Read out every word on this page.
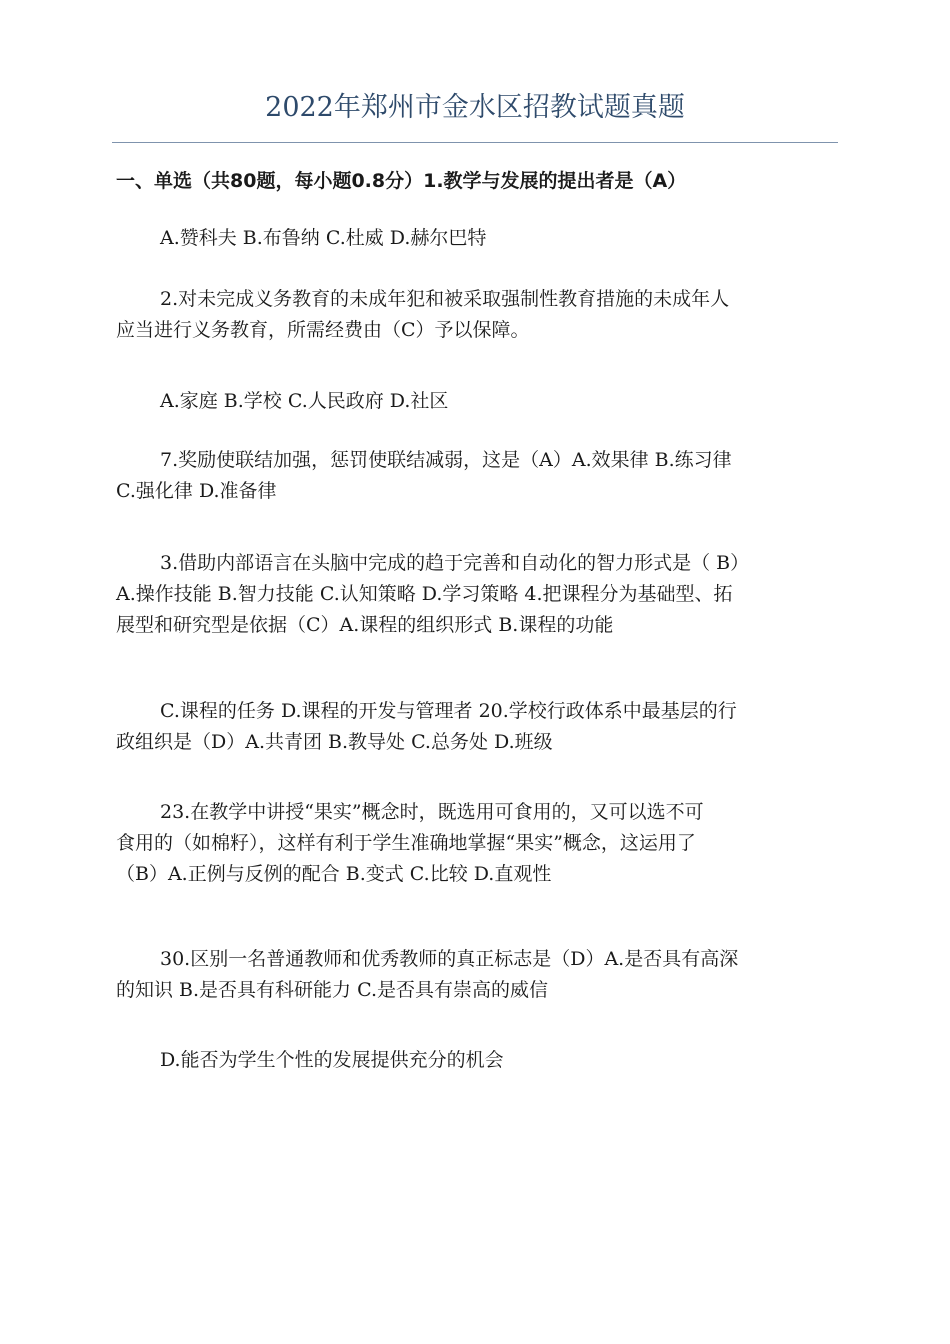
2022年郑州市金水区招教试题真题
一、单选（共80题，每小题0.8分）1.教学与发展的提出者是（A）
A.赞科夫 B.布鲁纳 C.杜威 D.赫尔巴特
2.对未完成义务教育的未成年犯和被采取强制性教育措施的未成年人
应当进行义务教育，所需经费由（C）予以保障。
A.家庭 B.学校 C.人民政府 D.社区
7.奖励使联结加强，惩罚使联结减弱，这是（A）A.效果律 B.练习律
C.强化律 D.准备律
3.借助内部语言在头脑中完成的趋于完善和自动化的智力形式是（ B）
A.操作技能 B.智力技能 C.认知策略 D.学习策略 4.把课程分为基础型、拓
展型和研究型是依据（C）A.课程的组织形式 B.课程的功能
C.课程的任务 D.课程的开发与管理者 20.学校行政体系中最基层的行
政组织是（D）A.共青团 B.教导处 C.总务处 D.班级
23.在教学中讲授“果实”概念时，既选用可食用的，又可以选不可
食用的（如棉籽），这样有利于学生准确地掌握“果实”概念，这运用了
（B）A.正例与反例的配合 B.变式 C.比较 D.直观性
30.区别一名普通教师和优秀教师的真正标志是（D）A.是否具有高深
的知识 B.是否具有科研能力 C.是否具有崇高的威信
D.能否为学生个性的发展提供充分的机会
